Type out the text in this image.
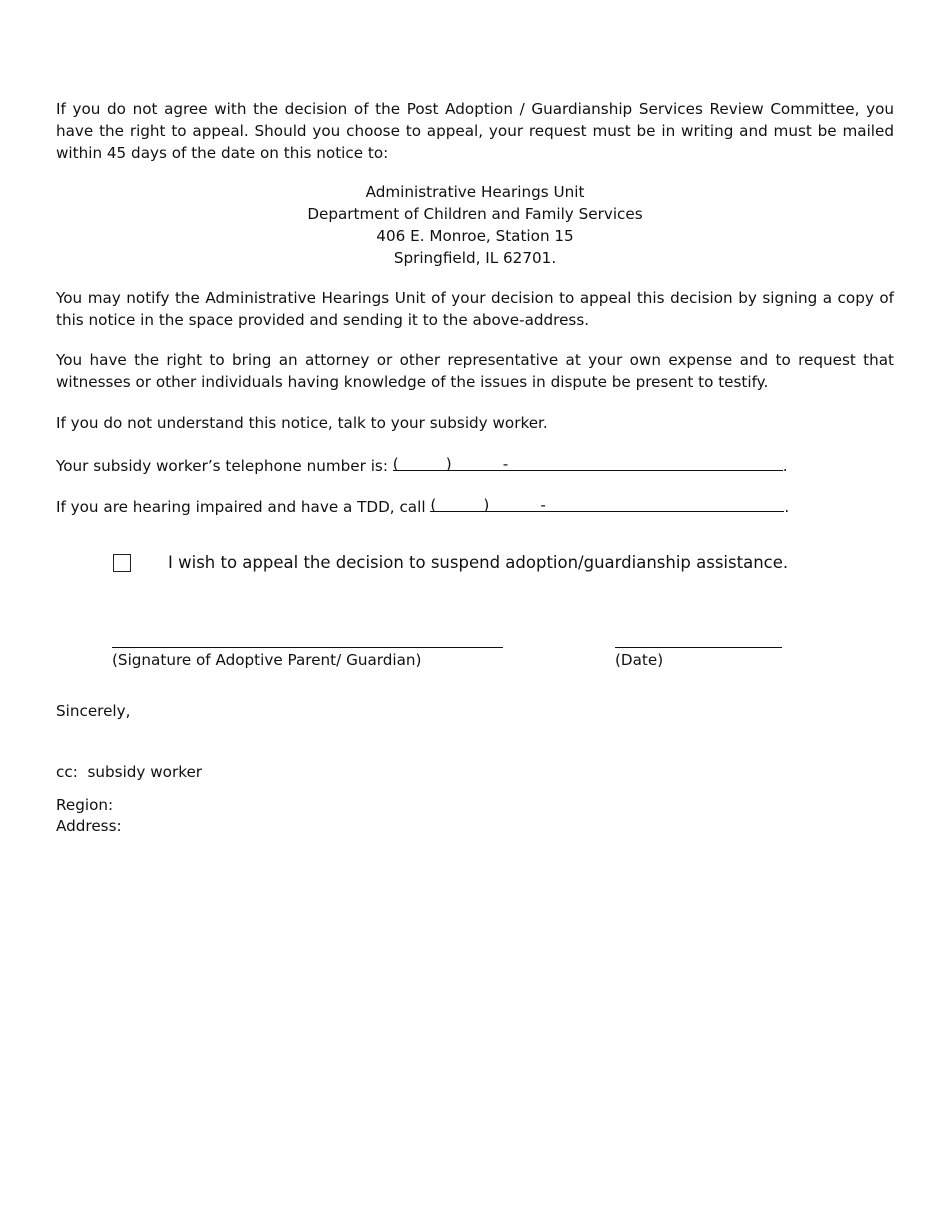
If you do not agree with the decision of the Post Adoption / Guardianship Services Review Committee, you have the right to appeal. Should you choose to appeal, your request must be in writing and must be mailed within 45 days of the date on this notice to:

Administrative Hearings Unit
Department of Children and Family Services
406 E. Monroe, Station 15
Springfield, IL 62701.

You may notify the Administrative Hearings Unit of your decision to appeal this decision by signing a copy of this notice in the space provided and sending it to the above-address.

You have the right to bring an attorney or other representative at your own expense and to request that witnesses or other individuals having knowledge of the issues in dispute be present to testify.

If you do not understand this notice, talk to your subsidy worker.
Your subsidy worker’s telephone number is: (	)	-	.
If you are hearing impaired and have a TDD, call (	)	-	.
I wish to appeal the decision to suspend adoption/guardianship assistance.
(Signature of Adoptive Parent/ Guardian)	(Date)
Sincerely,
cc:  subsidy worker
Region:
Address:
